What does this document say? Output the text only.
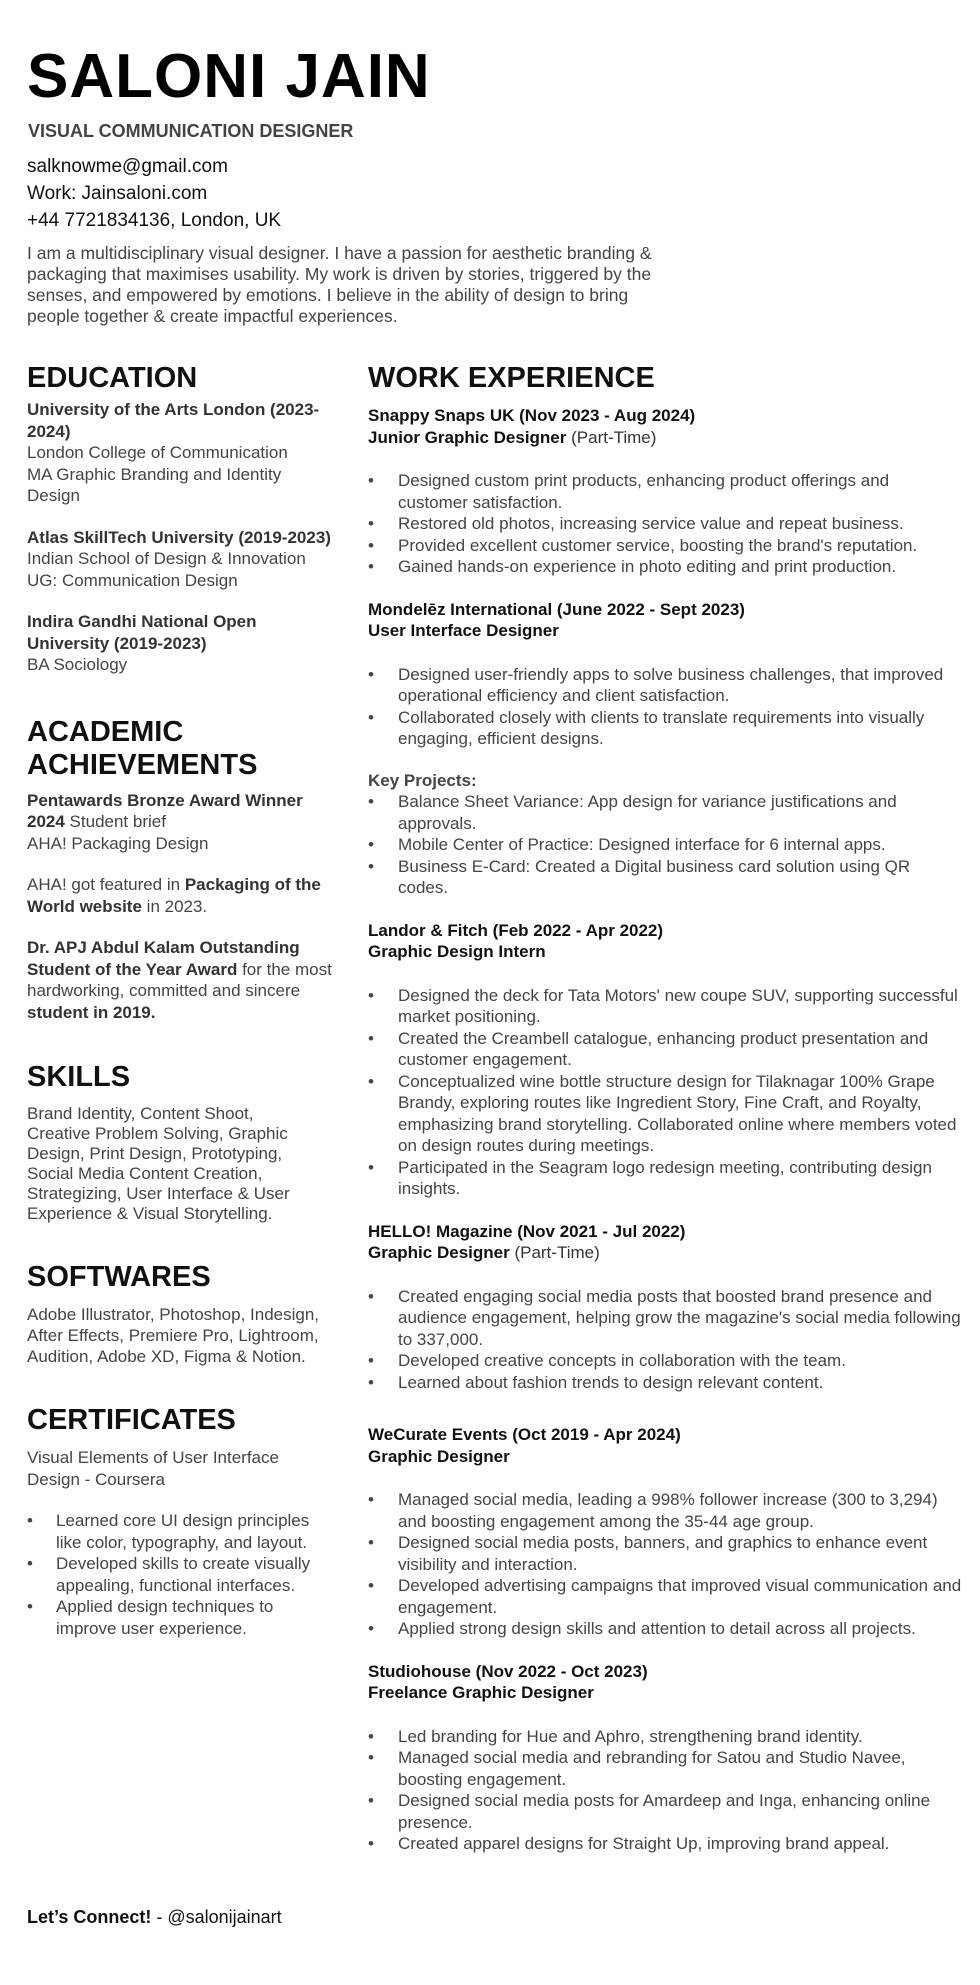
SALONI JAIN
VISUAL COMMUNICATION DESIGNER
salknowme@gmail.com
Work: Jainsaloni.com
+44 7721834136, London, UK
I am a multidisciplinary visual designer. I have a passion for aesthetic branding & packaging that maximises usability. My work is driven by stories, triggered by the senses, and empowered by emotions. I believe in the ability of design to bring people together & create impactful experiences.
EDUCATION
University of the Arts London (2023-2024)
London College of Communication
MA Graphic Branding and Identity Design
Atlas SkillTech University (2019-2023)
Indian School of Design & Innovation
UG: Communication Design
Indira Gandhi National Open University (2019-2023)
BA Sociology
ACADEMIC ACHIEVEMENTS
Pentawards Bronze Award Winner 2024 Student brief
AHA! Packaging Design
AHA! got featured in Packaging of the World website in 2023.
Dr. APJ Abdul Kalam Outstanding Student of the Year Award for the most hardworking, committed and sincere student in 2019.
SKILLS
Brand Identity, Content Shoot, Creative Problem Solving, Graphic Design, Print Design, Prototyping, Social Media Content Creation, Strategizing, User Interface & User Experience & Visual Storytelling.
SOFTWARES
Adobe Illustrator, Photoshop, Indesign, After Effects, Premiere Pro, Lightroom, Audition, Adobe XD, Figma & Notion.
CERTIFICATES
Visual Elements of User Interface Design - Coursera
• Learned core UI design principles like color, typography, and layout.
• Developed skills to create visually appealing, functional interfaces.
• Applied design techniques to improve user experience.
Let’s Connect! - @salonijainart
WORK EXPERIENCE
Snappy Snaps UK (Nov 2023 - Aug 2024)
Junior Graphic Designer (Part-Time)
• Designed custom print products, enhancing product offerings and customer satisfaction.
• Restored old photos, increasing service value and repeat business.
• Provided excellent customer service, boosting the brand's reputation.
• Gained hands-on experience in photo editing and print production.
Mondelēz International (June 2022 - Sept 2023)
User Interface Designer
• Designed user-friendly apps to solve business challenges, that improved operational efficiency and client satisfaction.
• Collaborated closely with clients to translate requirements into visually engaging, efficient designs.
Key Projects:
• Balance Sheet Variance: App design for variance justifications and approvals.
• Mobile Center of Practice: Designed interface for 6 internal apps.
• Business E-Card: Created a Digital business card solution using QR codes.
Landor & Fitch (Feb 2022 - Apr 2022)
Graphic Design Intern
• Designed the deck for Tata Motors' new coupe SUV, supporting successful market positioning.
• Created the Creambell catalogue, enhancing product presentation and customer engagement.
• Conceptualized wine bottle structure design for Tilaknagar 100% Grape Brandy, exploring routes like Ingredient Story, Fine Craft, and Royalty, emphasizing brand storytelling. Collaborated online where members voted on design routes during meetings.
• Participated in the Seagram logo redesign meeting, contributing design insights.
HELLO! Magazine (Nov 2021 - Jul 2022)
Graphic Designer (Part-Time)
• Created engaging social media posts that boosted brand presence and audience engagement, helping grow the magazine's social media following to 337,000.
• Developed creative concepts in collaboration with the team.
• Learned about fashion trends to design relevant content.
WeCurate Events (Oct 2019 - Apr 2024)
Graphic Designer
• Managed social media, leading a 998% follower increase (300 to 3,294) and boosting engagement among the 35-44 age group.
• Designed social media posts, banners, and graphics to enhance event visibility and interaction.
• Developed advertising campaigns that improved visual communication and engagement.
• Applied strong design skills and attention to detail across all projects.
Studiohouse (Nov 2022 - Oct 2023)
Freelance Graphic Designer
• Led branding for Hue and Aphro, strengthening brand identity.
• Managed social media and rebranding for Satou and Studio Navee, boosting engagement.
• Designed social media posts for Amardeep and Inga, enhancing online presence.
• Created apparel designs for Straight Up, improving brand appeal.
